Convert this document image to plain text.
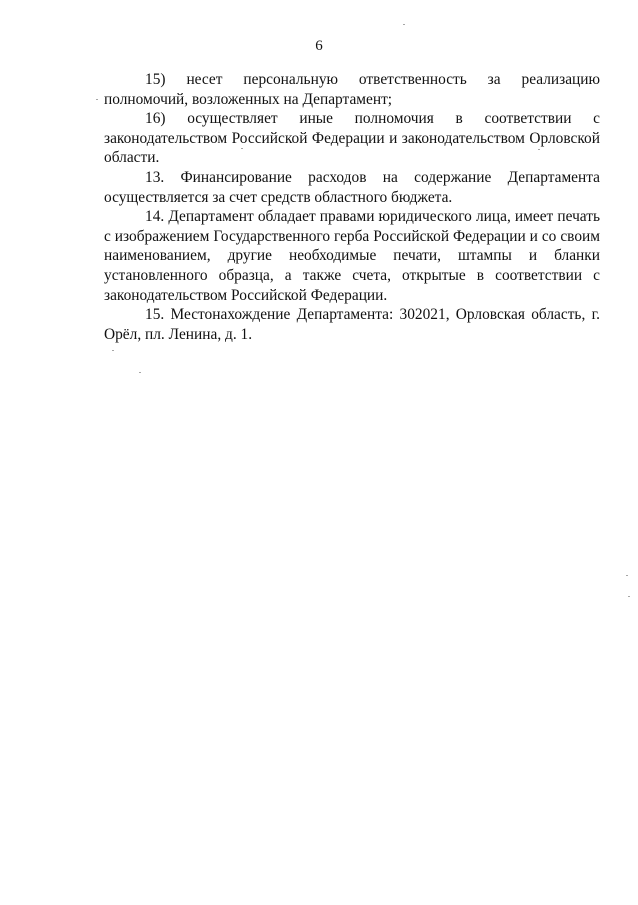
6

15) несет персональную ответственность за реализацию полномочий, возложенных на Департамент;

16) осуществляет иные полномочия в соответствии с законодательством Российской Федерации и законодательством Орловской области.

13. Финансирование расходов на содержание Департамента осуществляется за счет средств областного бюджета.

14. Департамент обладает правами юридического лица, имеет печать с изображением Государственного герба Российской Федерации и со своим наименованием, другие необходимые печати, штампы и бланки установленного образца, а также счета, открытые в соответствии с законодательством Российской Федерации.

15. Местонахождение Департамента: 302021, Орловская область, г. Орёл, пл. Ленина, д. 1.
